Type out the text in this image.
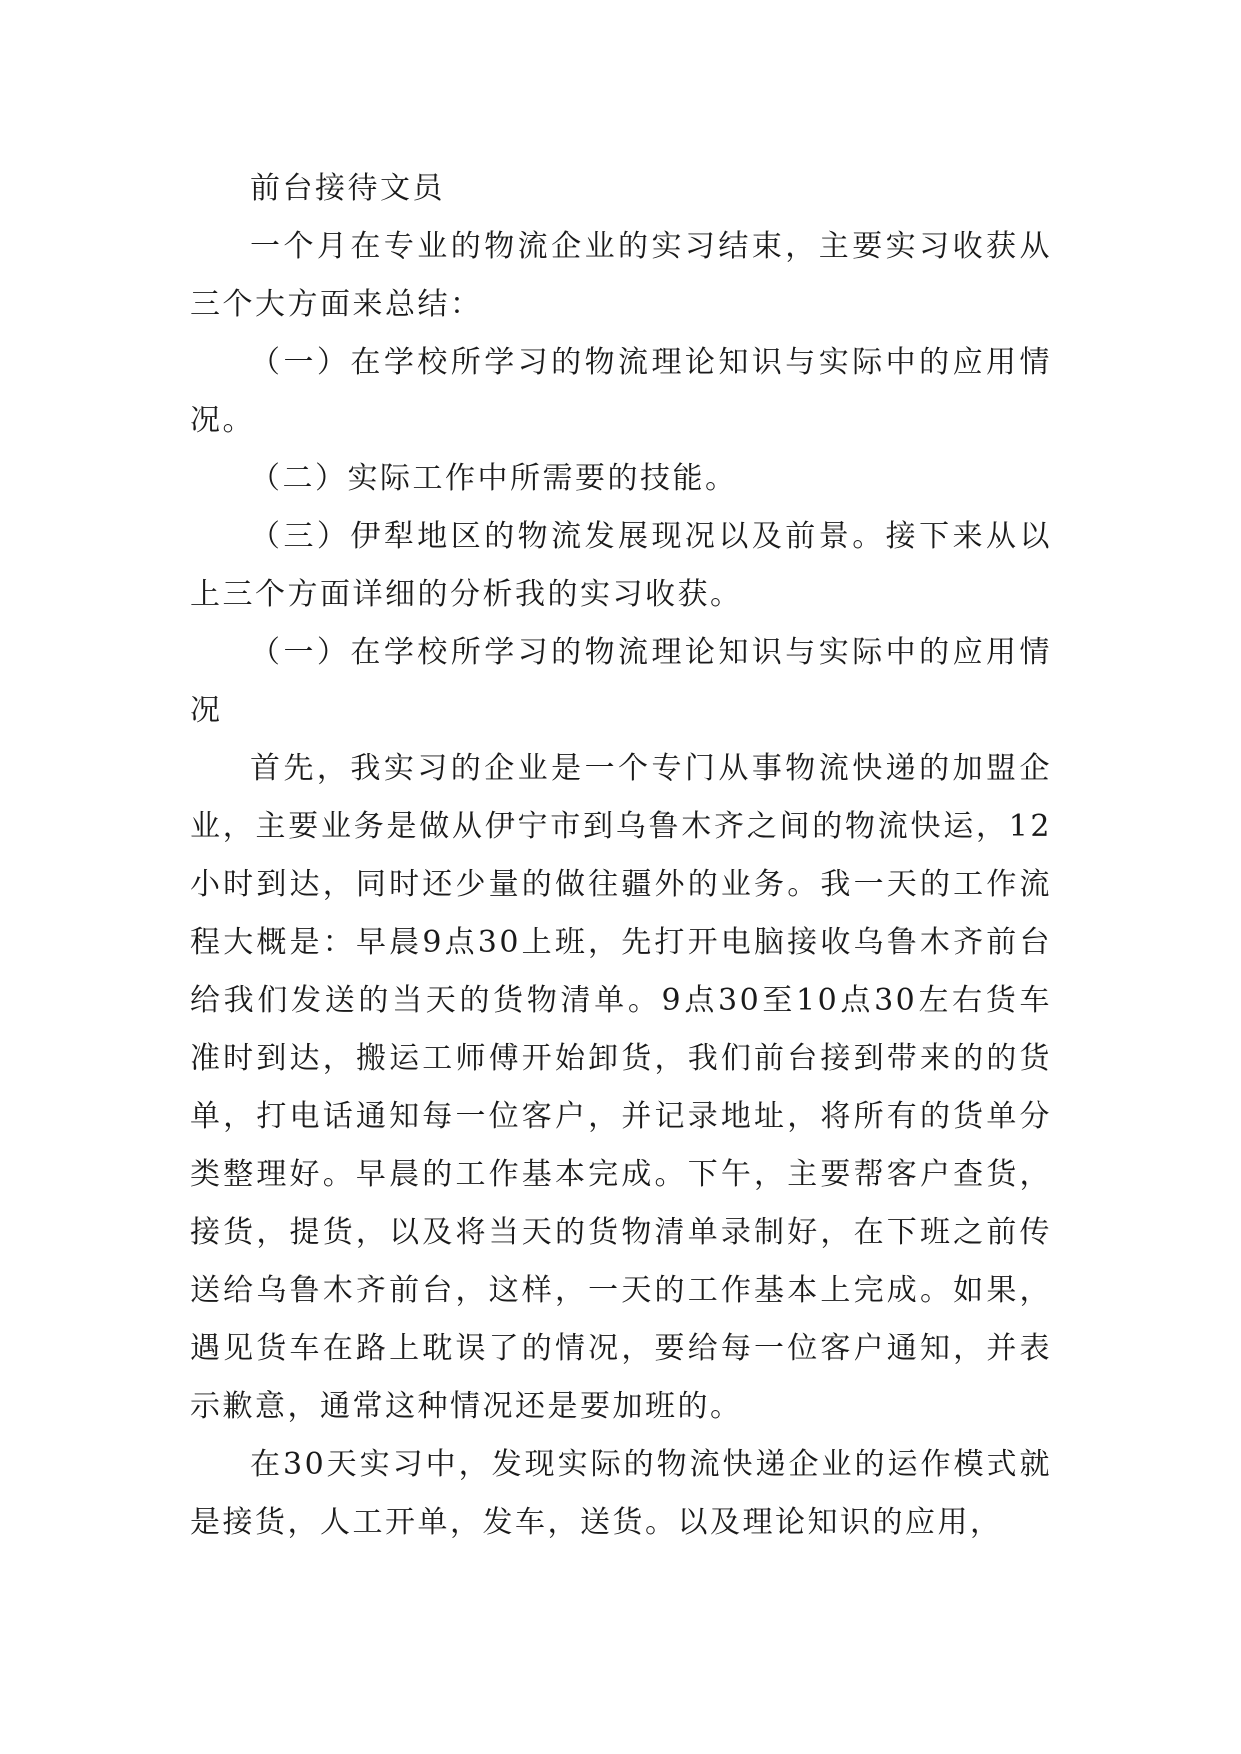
前台接待文员

一个月在专业的物流企业的实习结束，主要实习收获从三个大方面来总结：

（一）在学校所学习的物流理论知识与实际中的应用情况。

（二）实际工作中所需要的技能。

（三）伊犁地区的物流发展现况以及前景。接下来从以上三个方面详细的分析我的实习收获。

（一）在学校所学习的物流理论知识与实际中的应用情况

首先，我实习的企业是一个专门从事物流快递的加盟企业，主要业务是做从伊宁市到乌鲁木齐之间的物流快运，12小时到达，同时还少量的做往疆外的业务。我一天的工作流程大概是：早晨9点30上班，先打开电脑接收乌鲁木齐前台给我们发送的当天的货物清单。9点30至10点30左右货车准时到达，搬运工师傅开始卸货，我们前台接到带来的的货单，打电话通知每一位客户，并记录地址，将所有的货单分类整理好。早晨的工作基本完成。下午，主要帮客户查货，接货，提货，以及将当天的货物清单录制好，在下班之前传送给乌鲁木齐前台，这样，一天的工作基本上完成。如果，遇见货车在路上耽误了的情况，要给每一位客户通知，并表示歉意，通常这种情况还是要加班的。

在30天实习中，发现实际的物流快递企业的运作模式就是接货，人工开单，发车，送货。以及理论知识的应用，
